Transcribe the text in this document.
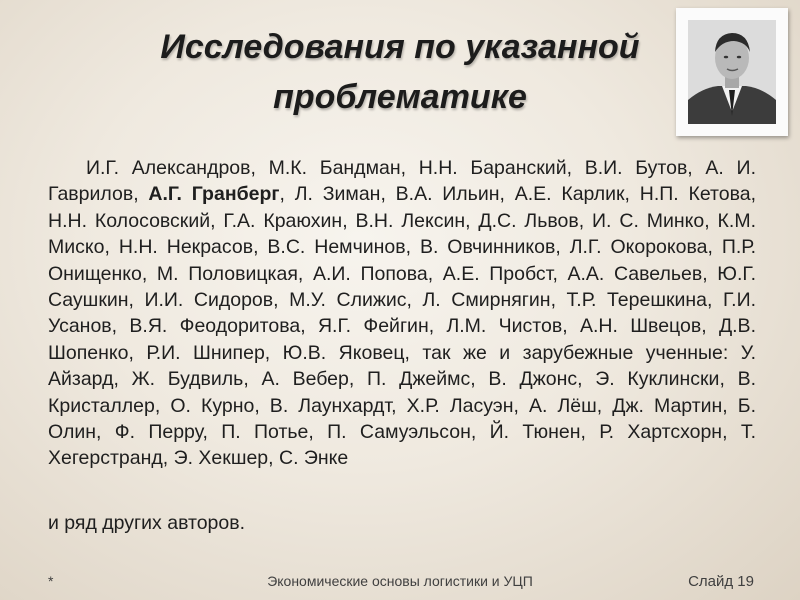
Исследования по указанной
проблематике

И.Г. Александров, М.К. Бандман, Н.Н. Баранский, В.И. Бутов, А. И. Гаврилов, А.Г. Гранберг, Л. Зиман, В.А. Ильин, А.Е. Карлик, Н.П. Кетова, Н.Н. Колосовский, Г.А. Краюхин, В.Н. Лексин, Д.С. Львов, И. С. Минко, К.М. Миско, Н.Н. Некрасов, В.С. Немчинов, В. Овчинников, Л.Г. Окорокова, П.Р. Онищенко, М. Половицкая, А.И. Попова, А.Е. Пробст, А.А. Савельев, Ю.Г. Саушкин, И.И. Сидоров, М.У. Слижис, Л. Смирнягин, Т.Р. Терешкина, Г.И. Усанов, В.Я. Феодоритова, Я.Г. Фейгин, Л.М. Чистов, А.Н. Швецов, Д.В. Шопенко, Р.И. Шнипер, Ю.В. Яковец, так же и зарубежные ученные: У. Айзард, Ж. Будвиль, А. Вебер, П. Джеймс, В. Джонс, Э. Куклински, В. Кристаллер, О. Курно, В. Лаунхардт, Х.Р. Ласуэн, А. Лёш, Дж. Мартин, Б. Олин, Ф. Перру, П. Потье, П. Самуэльсон, Й. Тюнен, Р. Хартсхорн, Т. Хегерстранд, Э. Хекшер, С. Энке

и ряд других авторов.

Экономические основы логистики и УЦП
*	Слайд 19
